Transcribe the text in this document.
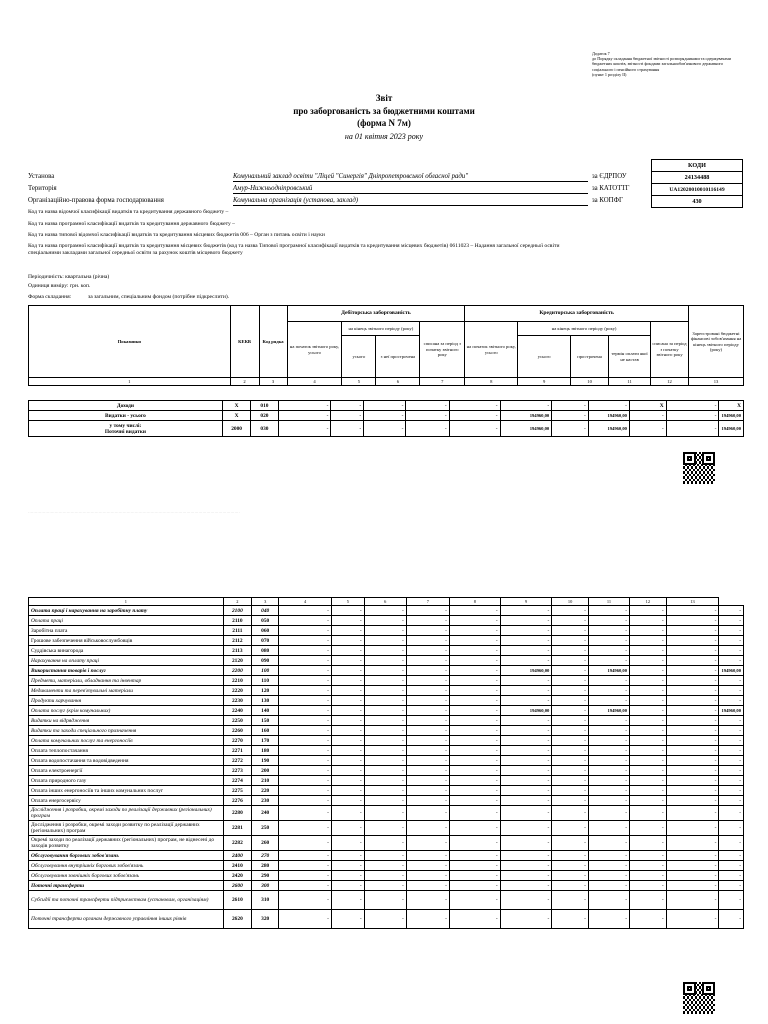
Додаток 7
до Порядку складання бюджетної звітності розпорядниками та одержувачами бюджетних коштів, звітності фондами загальнообов'язкового державного соціального і пенсійного страхування
(пункт 1 розділу ІІ)
Звіт
про заборгованість за бюджетними коштами
(форма N 7м)
на 01 квітня 2023 року
КОДИ
24134488
UA12020010010116149
430
Установа	Комунальний заклад освіти "Ліцей "Синергія" Дніпропетровської обласної ради"	за ЄДРПОУ
Територія	Амур-Нижньодніпровський	за КАТОТТГ
Організаційно-правова форма господарювання	Комунальна організація (установа, заклад)	за КОПФГ
Код та назва відомчої класифікації видатків та кредитування державного бюджету –
Код та назва програмної класифікації видатків та кредитування державного бюджету –
Код та назва типової відомчої класифікації видатків та кредитування місцевих бюджетів 006 – Орган з питань освіти і науки
Код та назва програмної класифікації видатків та кредитування місцевих бюджетів (код та назва Типової програмної класифікації видатків та кредитування місцевих бюджетів) 0611023 – Надання загальної середньої освіти спеціальними закладами загальної середньої освіти за рахунок коштів місцевого бюджету
Періодичність: квартальна (річна)
Одиниця виміру: грн. коп.
Форма складання:	за загальним, спеціальним фондом (потрібне підкреслити).
Показники	КЕКВ	Код рядка	Дебіторська заборгованість				Кредиторська заборгованість					Зареєстровані бюджетні фінансові зобов'язання на кінець звітного періоду (року)
			на початок звітного року, усього	на кінець звітного періоду (року)		списана за період з початку звітного року	на початок звітного року, усього	на кінець звітного періоду (року)			списана за період з початку звітного року	
				усього	з неї прострочена			усього	прострочена	термін оплати якої не настав		
1	2	3	4	5	6	7	8	9	10	11	12	13
Доходи	X	010	-	-	-	-	-	-	-	-	X	-	X
Видатки - усього	X	020	-	-	-	-	-	194960,00	-	194960,00	-	-	194960,00
у тому числі:
Поточні видатки	2000	030	-	-	-	-	-	194960,00	-	194960,00	-	-	194960,00
·······························································································································································
1	2	3	4	5	6	7	8	9	10	11	12	13	
Оплата праці і нарахування на заробітну плату	2100	040	-	-	-	-	-	-	-	-	-	-	-
Оплата праці	2110	050	-	-	-	-	-	-	-	-	-	-	-
Заробітна плата	2111	060	-	-	-	-	-	-	-	-	-	-	-
Грошове забезпечення військовослужбовців	2112	070	-	-	-	-	-	-	-	-	-	-	-
Суддівська винагорода	2113	080	-	-	-	-	-	-	-	-	-	-	-
Нарахування на оплату праці	2120	090	-	-	-	-	-	-	-	-	-	-	-
Використання товарів і послуг	2200	100	-	-	-	-	-	194960,00	-	194960,00	-	-	194960,00
Предмети, матеріали, обладнання та інвентар	2210	110	-	-	-	-	-	-	-	-	-	-	-
Медикаменти та перев'язувальні матеріали	2220	120	-	-	-	-	-	-	-	-	-	-	-
Продукти харчування	2230	130	-	-	-	-	-	-	-	-	-	-	-
Оплата послуг (крім комунальних)	2240	140	-	-	-	-	-	194960,00	-	194960,00	-	-	194960,00
Видатки на відрядження	2250	150	-	-	-	-	-	-	-	-	-	-	-
Видатки та заходи спеціального призначення	2260	160	-	-	-	-	-	-	-	-	-	-	-
Оплата комунальних послуг та енергоносіїв	2270	170	-	-	-	-	-	-	-	-	-	-	-
Оплата теплопостачання	2271	180	-	-	-	-	-	-	-	-	-	-	-
Оплата водопостачання та водовідведення	2272	190	-	-	-	-	-	-	-	-	-	-	-
Оплата електроенергії	2273	200	-	-	-	-	-	-	-	-	-	-	-
Оплата природного газу	2274	210	-	-	-	-	-	-	-	-	-	-	-
Оплата інших енергоносіїв та інших комунальних послуг	2275	220	-	-	-	-	-	-	-	-	-	-	-
Оплата енергосервісу	2276	230	-	-	-	-	-	-	-	-	-	-	-
Дослідження і розробки, окремі заходи по реалізації державних (регіональних) програм	2280	240	-	-	-	-	-	-	-	-	-	-	-
Дослідження і розробки, окремі заходи розвитку по реалізації державних (регіональних) програм	2281	250	-	-	-	-	-	-	-	-	-	-	-
Окремі заходи по реалізації державних (регіональних) програм, не віднесені до заходів розвитку	2282	260	-	-	-	-	-	-	-	-	-	-	-
Обслуговування боргових зобов'язань	2400	270	-	-	-	-	-	-	-	-	-	-	-
Обслуговування внутрішніх боргових зобов'язань	2410	280	-	-	-	-	-	-	-	-	-	-	-
Обслуговування зовнішніх боргових зобов'язань	2420	290	-	-	-	-	-	-	-	-	-	-	-
Поточні трансферти	2600	300	-	-	-	-	-	-	-	-	-	-	-
Субсидії та поточні трансферти підприємствам (установам, організаціям)	2610	310	-	-	-	-	-	-	-	-	-	-	-
Поточні трансферти органам державного управління інших рівнів	2620	320	-	-	-	-	-	-	-	-	-	-	-
